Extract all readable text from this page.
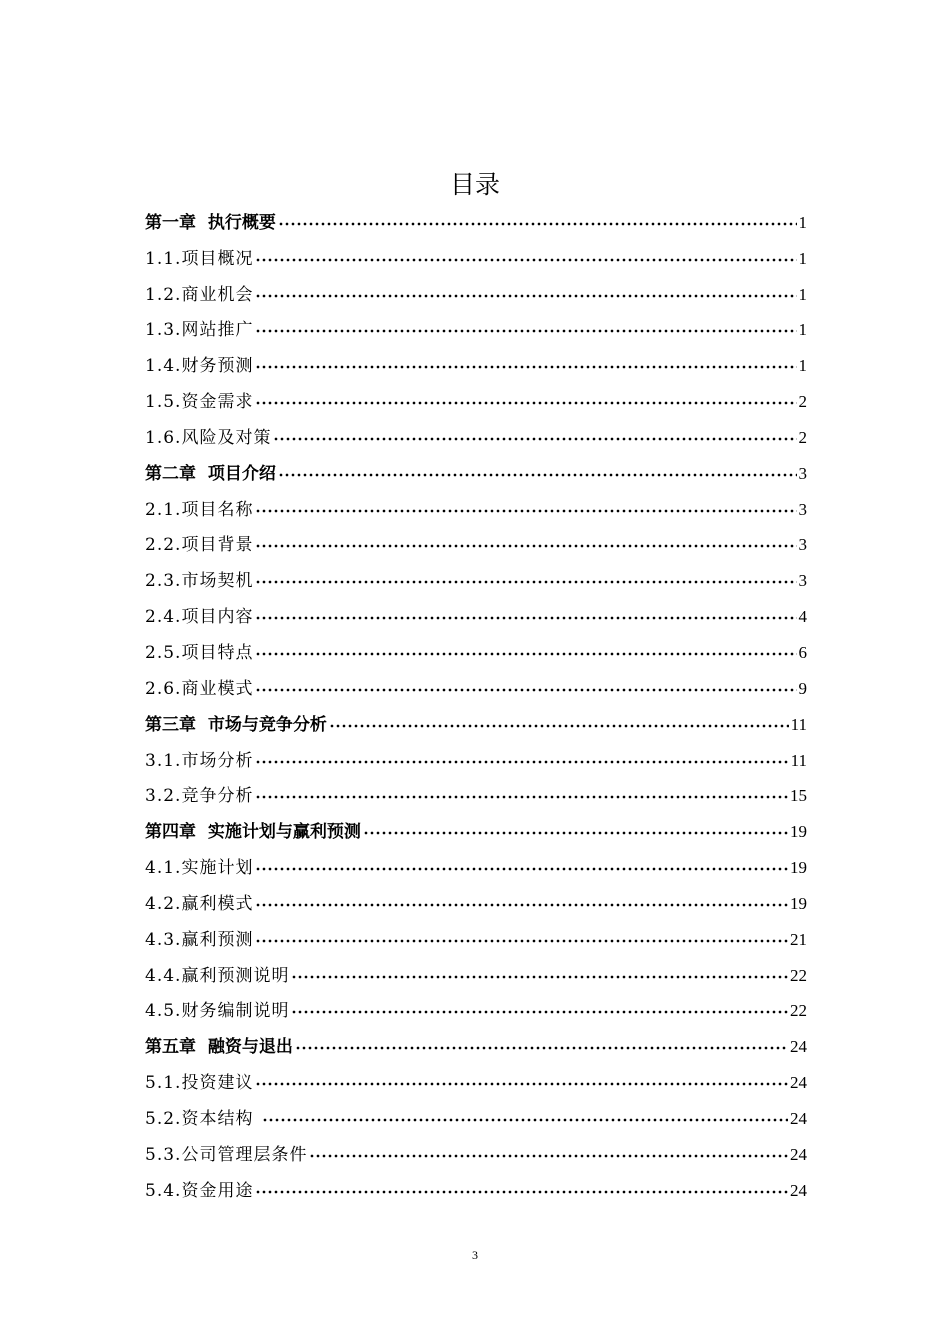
目录
第一章  执行概要	1
1.1.项目概况	1
1.2.商业机会	1
1.3.网站推广	1
1.4.财务预测	1
1.5.资金需求	2
1.6.风险及对策	2
第二章  项目介绍	3
2.1.项目名称	3
2.2.项目背景	3
2.3.市场契机	3
2.4.项目内容	4
2.5.项目特点	6
2.6.商业模式	9
第三章  市场与竞争分析	11
3.1.市场分析	11
3.2.竞争分析	15
第四章  实施计划与赢利预测	19
4.1.实施计划	19
4.2.赢利模式	19
4.3.赢利预测	21
4.4.赢利预测说明	22
4.5.财务编制说明	22
第五章  融资与退出	24
5.1.投资建议	24
5.2.资本结构	24
5.3.公司管理层条件	24
5.4.资金用途	24
3
